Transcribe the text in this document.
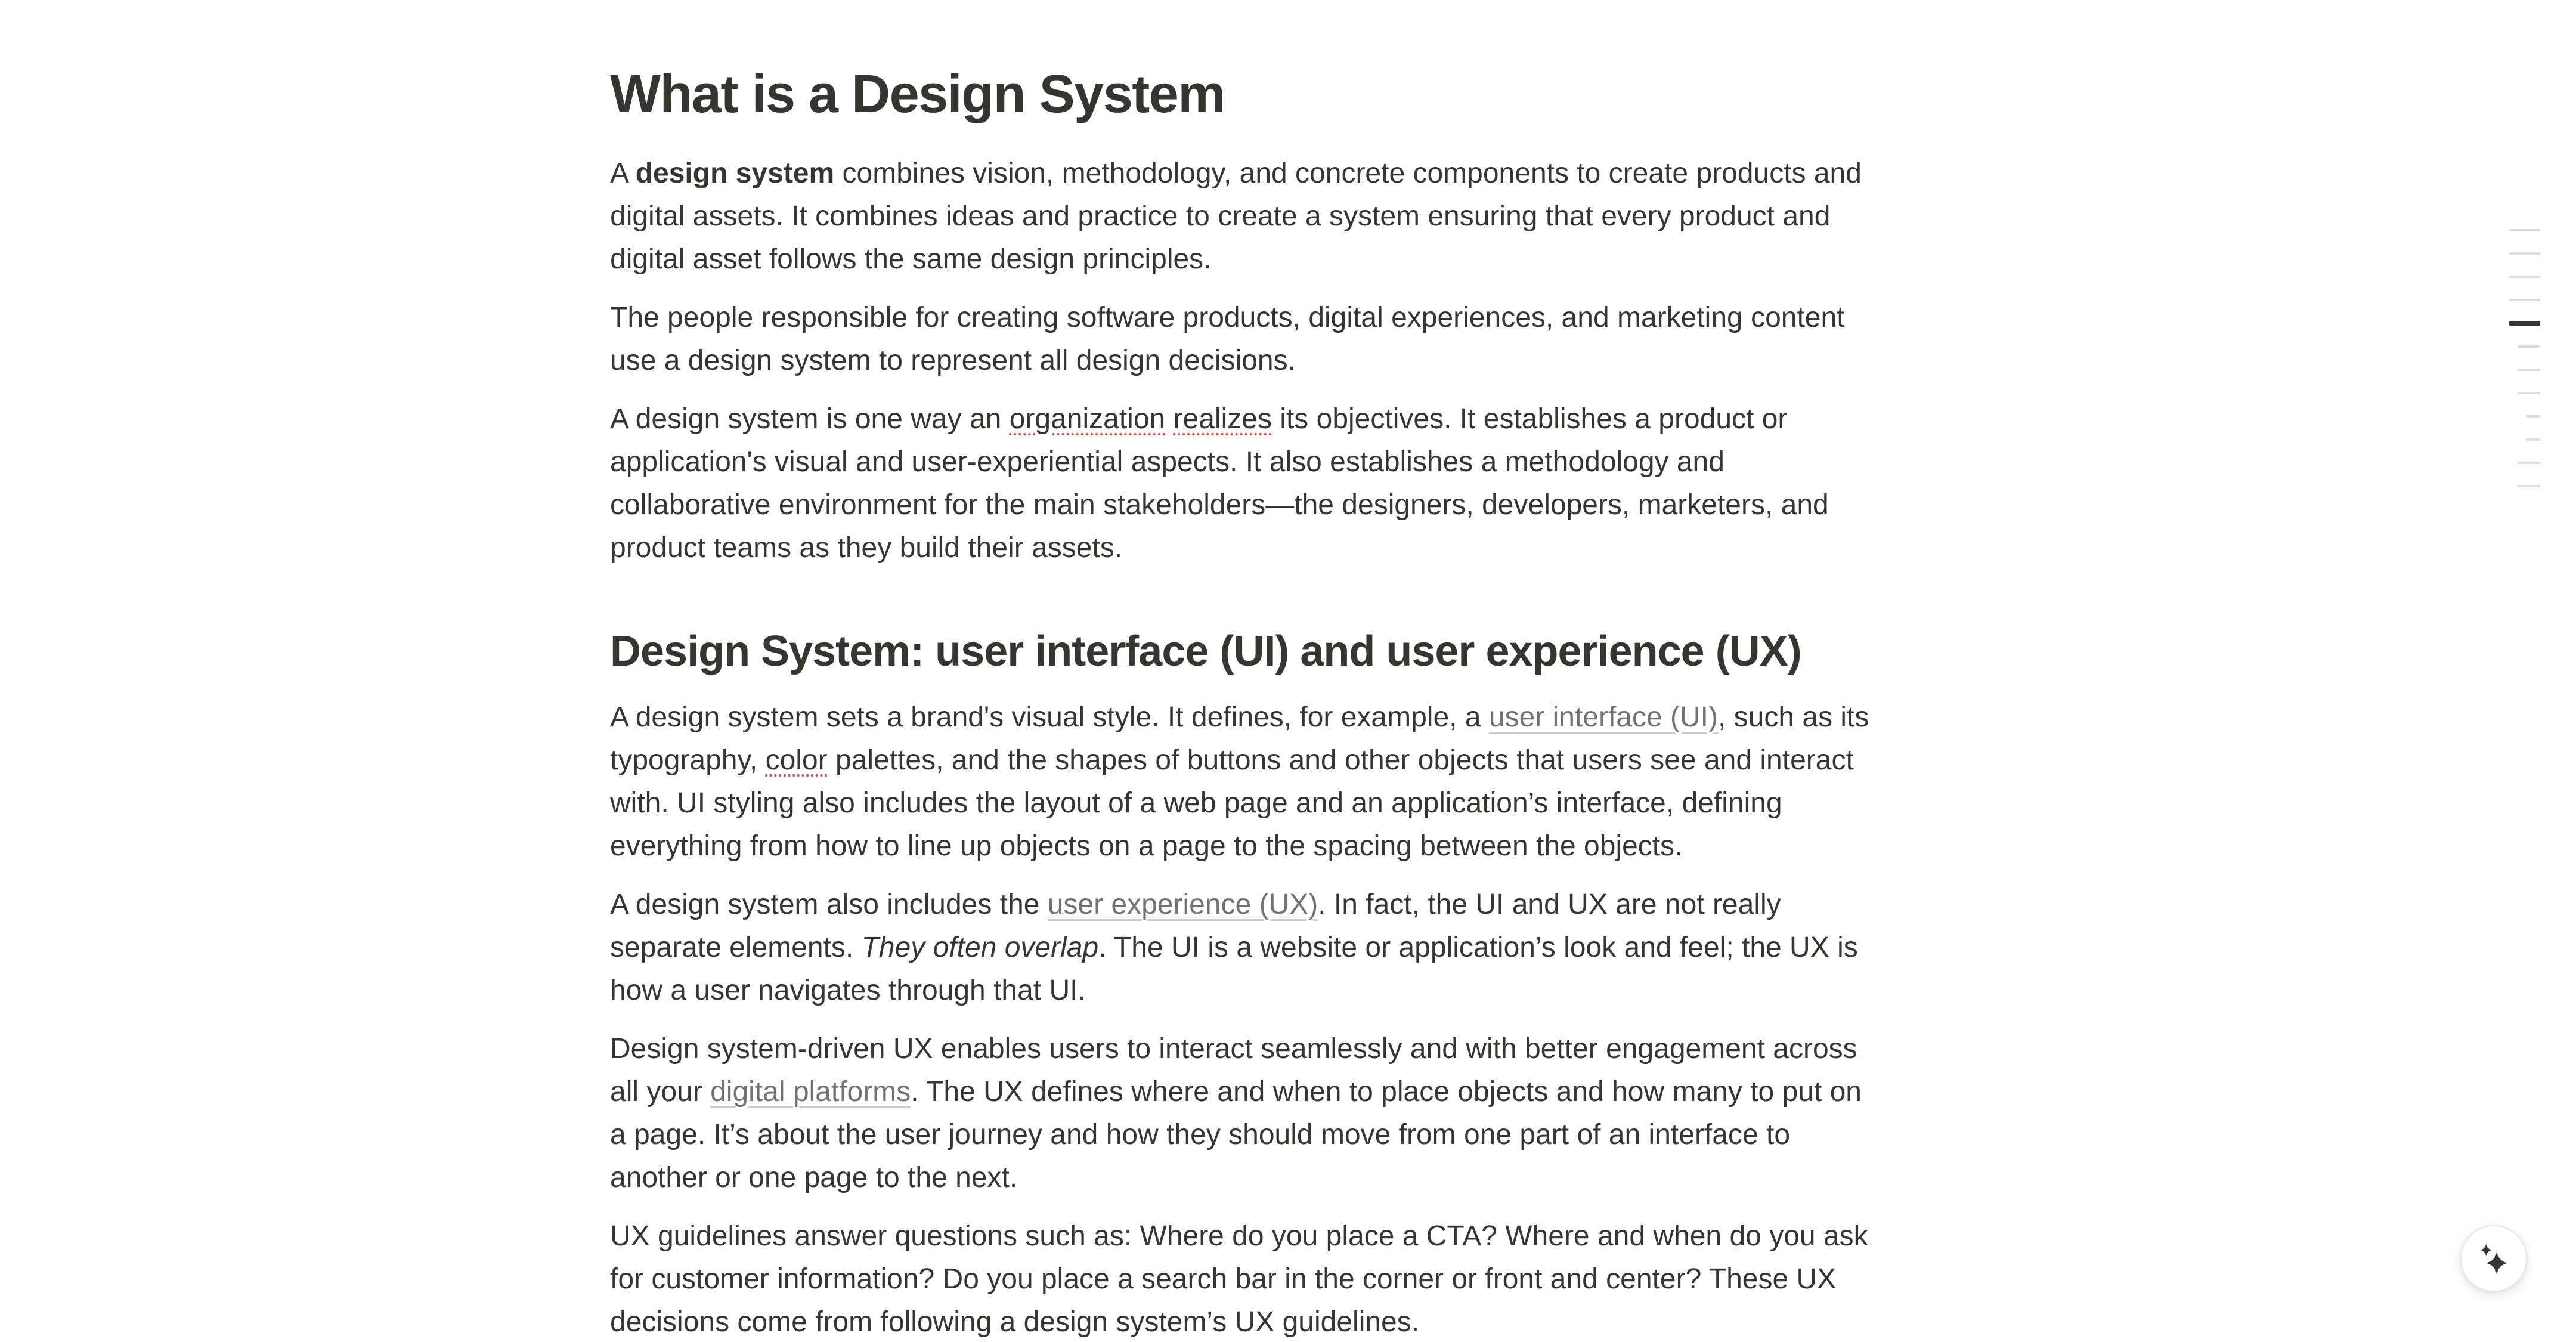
What is a Design System

A design system combines vision, methodology, and concrete components to create products and digital assets. It combines ideas and practice to create a system ensuring that every product and digital asset follows the same design principles.

The people responsible for creating software products, digital experiences, and marketing content use a design system to represent all design decisions.

A design system is one way an organization realizes its objectives. It establishes a product or application's visual and user-experiential aspects. It also establishes a methodology and collaborative environment for the main stakeholders—the designers, developers, marketers, and product teams as they build their assets.

Design System: user interface (UI) and user experience (UX)

A design system sets a brand's visual style. It defines, for example, a user interface (UI), such as its typography, color palettes, and the shapes of buttons and other objects that users see and interact with. UI styling also includes the layout of a web page and an application’s interface, defining everything from how to line up objects on a page to the spacing between the objects.

A design system also includes the user experience (UX). In fact, the UI and UX are not really separate elements. They often overlap. The UI is a website or application’s look and feel; the UX is how a user navigates through that UI.

Design system-driven UX enables users to interact seamlessly and with better engagement across all your digital platforms. The UX defines where and when to place objects and how many to put on a page. It’s about the user journey and how they should move from one part of an interface to another or one page to the next.

UX guidelines answer questions such as: Where do you place a CTA? Where and when do you ask for customer information? Do you place a search bar in the corner or front and center? These UX decisions come from following a design system’s UX guidelines.
